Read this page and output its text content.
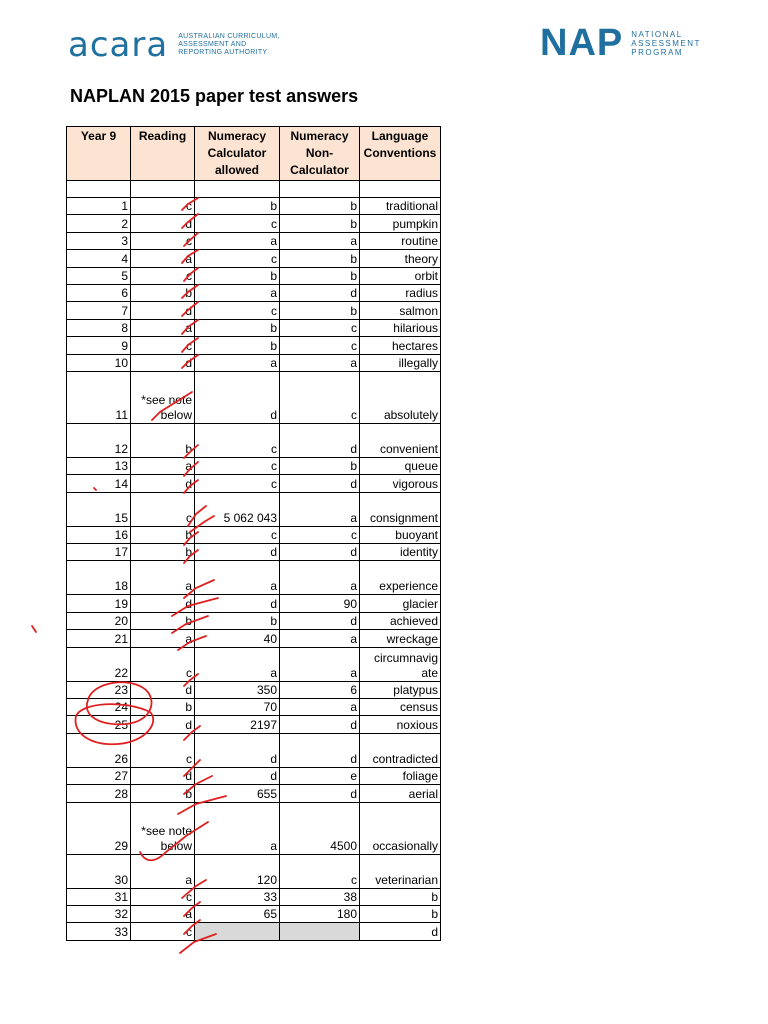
acara AUSTRALIAN CURRICULUM,
ASSESSMENT AND
REPORTING AUTHORITY	NAP NATIONAL
ASSESSMENT
PROGRAM
NAPLAN 2015 paper test answers
Year 9	Reading	Numeracy
Calculator
allowed	Numeracy
Non-
Calculator	Language
Conventions

1	c	b	b	traditional
2	d	c	b	pumpkin
3	c	a	a	routine
4	a	c	b	theory
5	c	b	b	orbit
6	b	a	d	radius
7	d	c	b	salmon
8	a	b	c	hilarious
9	c	b	c	hectares
10	d	a	a	illegally
11	*see note
below	d	c	absolutely
12	b	c	d	convenient
13	a	c	b	queue
14	d	c	d	vigorous
15	c	5 062 043	a	consignment
16	b	c	c	buoyant
17	b	d	d	identity
18	a	a	a	experience
19	d	d	90	glacier
20	b	b	d	achieved
21	a	40	a	wreckage
22	c	a	a	circumnavig
ate
23	d	350	6	platypus
24	b	70	a	census
25	d	2197	d	noxious
26	c	d	d	contradicted
27	d	d	e	foliage
28	b	655	d	aerial
29	*see note
below	a	4500	occasionally
30	a	120	c	veterinarian
31	c	33	38	b
32	a	65	180	b
33	c			d
